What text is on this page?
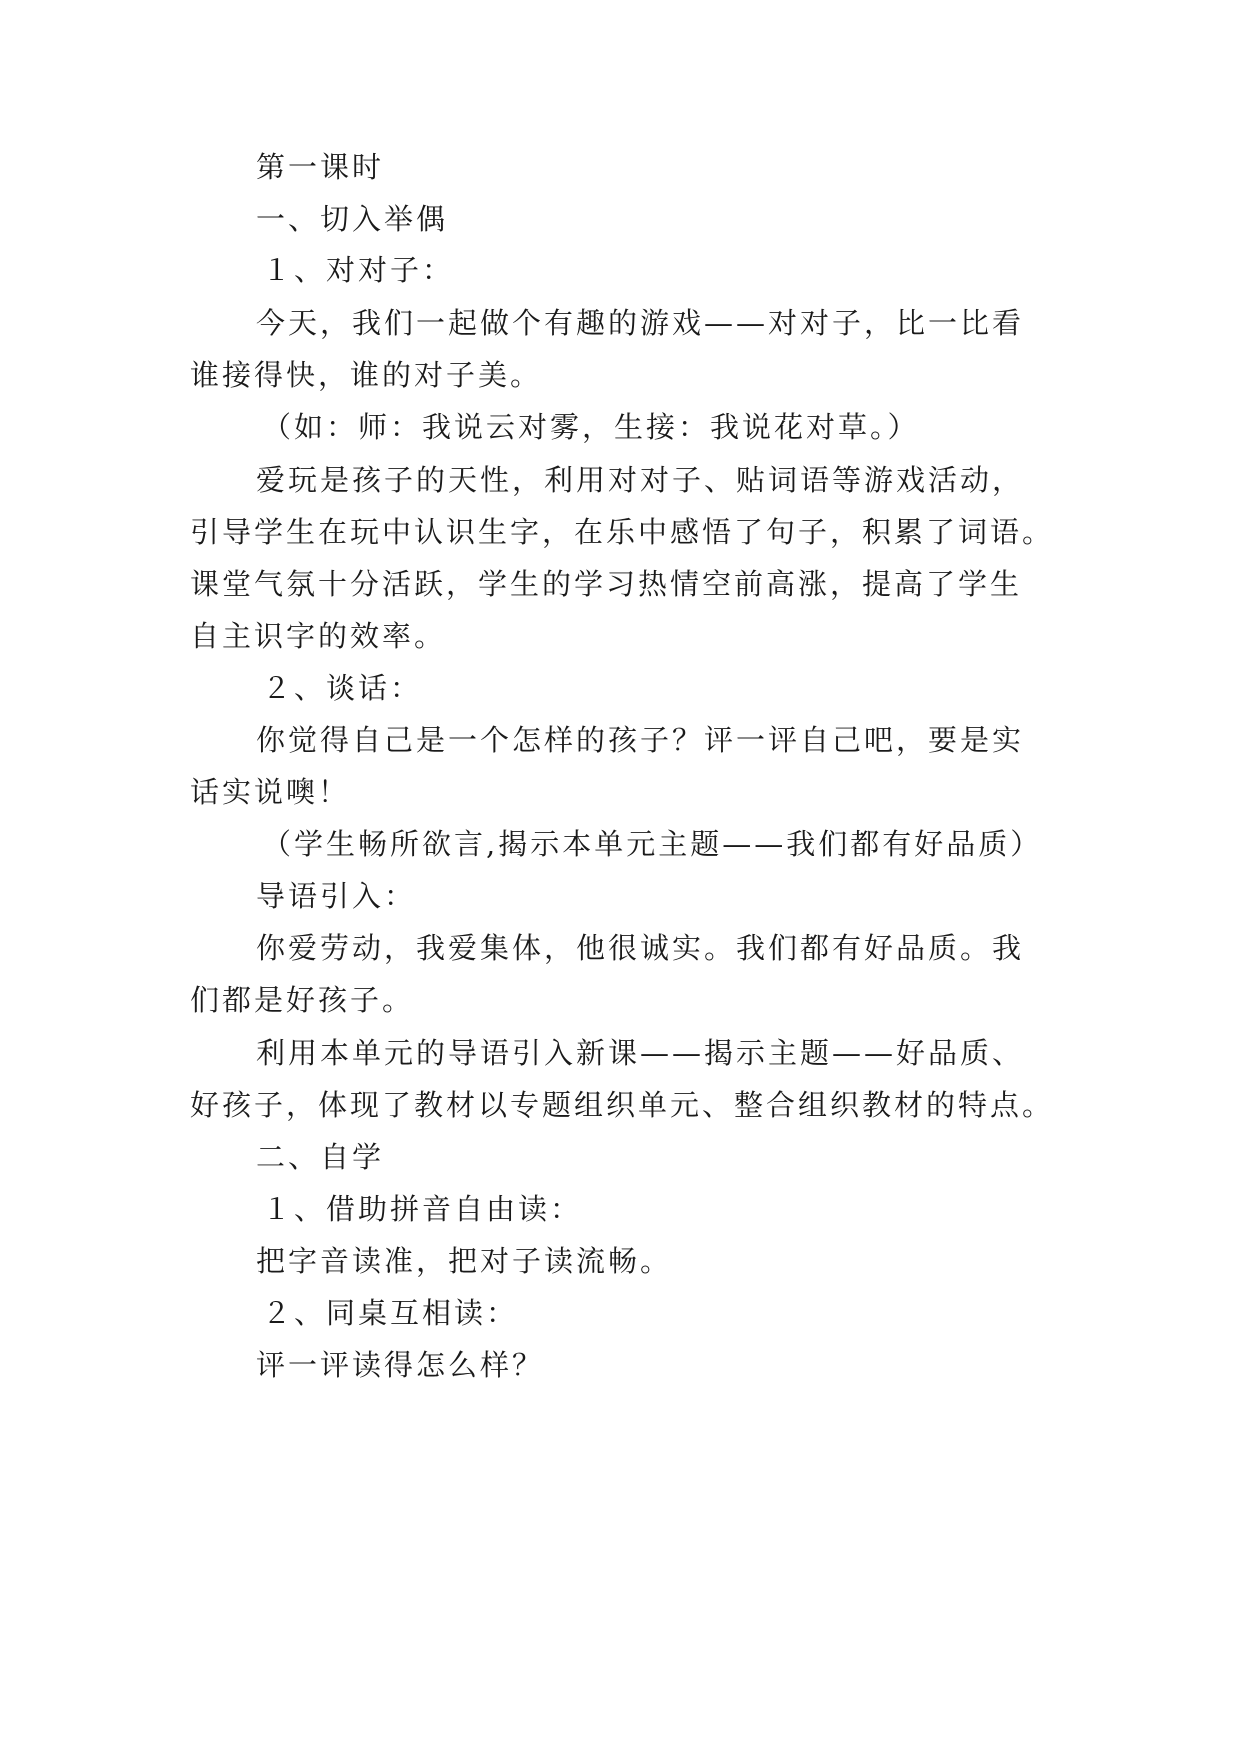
第一课时
一、切入举偶
１、对对子：
今天，我们一起做个有趣的游戏——对对子，比一比看
谁接得快，谁的对子美。
（如：师：我说云对雾，生接：我说花对草。）
爱玩是孩子的天性，利用对对子、贴词语等游戏活动，
引导学生在玩中认识生字，在乐中感悟了句子，积累了词语。
课堂气氛十分活跃，学生的学习热情空前高涨，提高了学生
自主识字的效率。
２、谈话：
你觉得自己是一个怎样的孩子？评一评自己吧，要是实
话实说噢！
（学生畅所欲言,揭示本单元主题——我们都有好品质）
导语引入：
你爱劳动，我爱集体，他很诚实。我们都有好品质。我
们都是好孩子。
利用本单元的导语引入新课——揭示主题——好品质、
好孩子，体现了教材以专题组织单元、整合组织教材的特点。
二、自学
１、借助拼音自由读：
把字音读准，把对子读流畅。
２、同桌互相读：
评一评读得怎么样？
